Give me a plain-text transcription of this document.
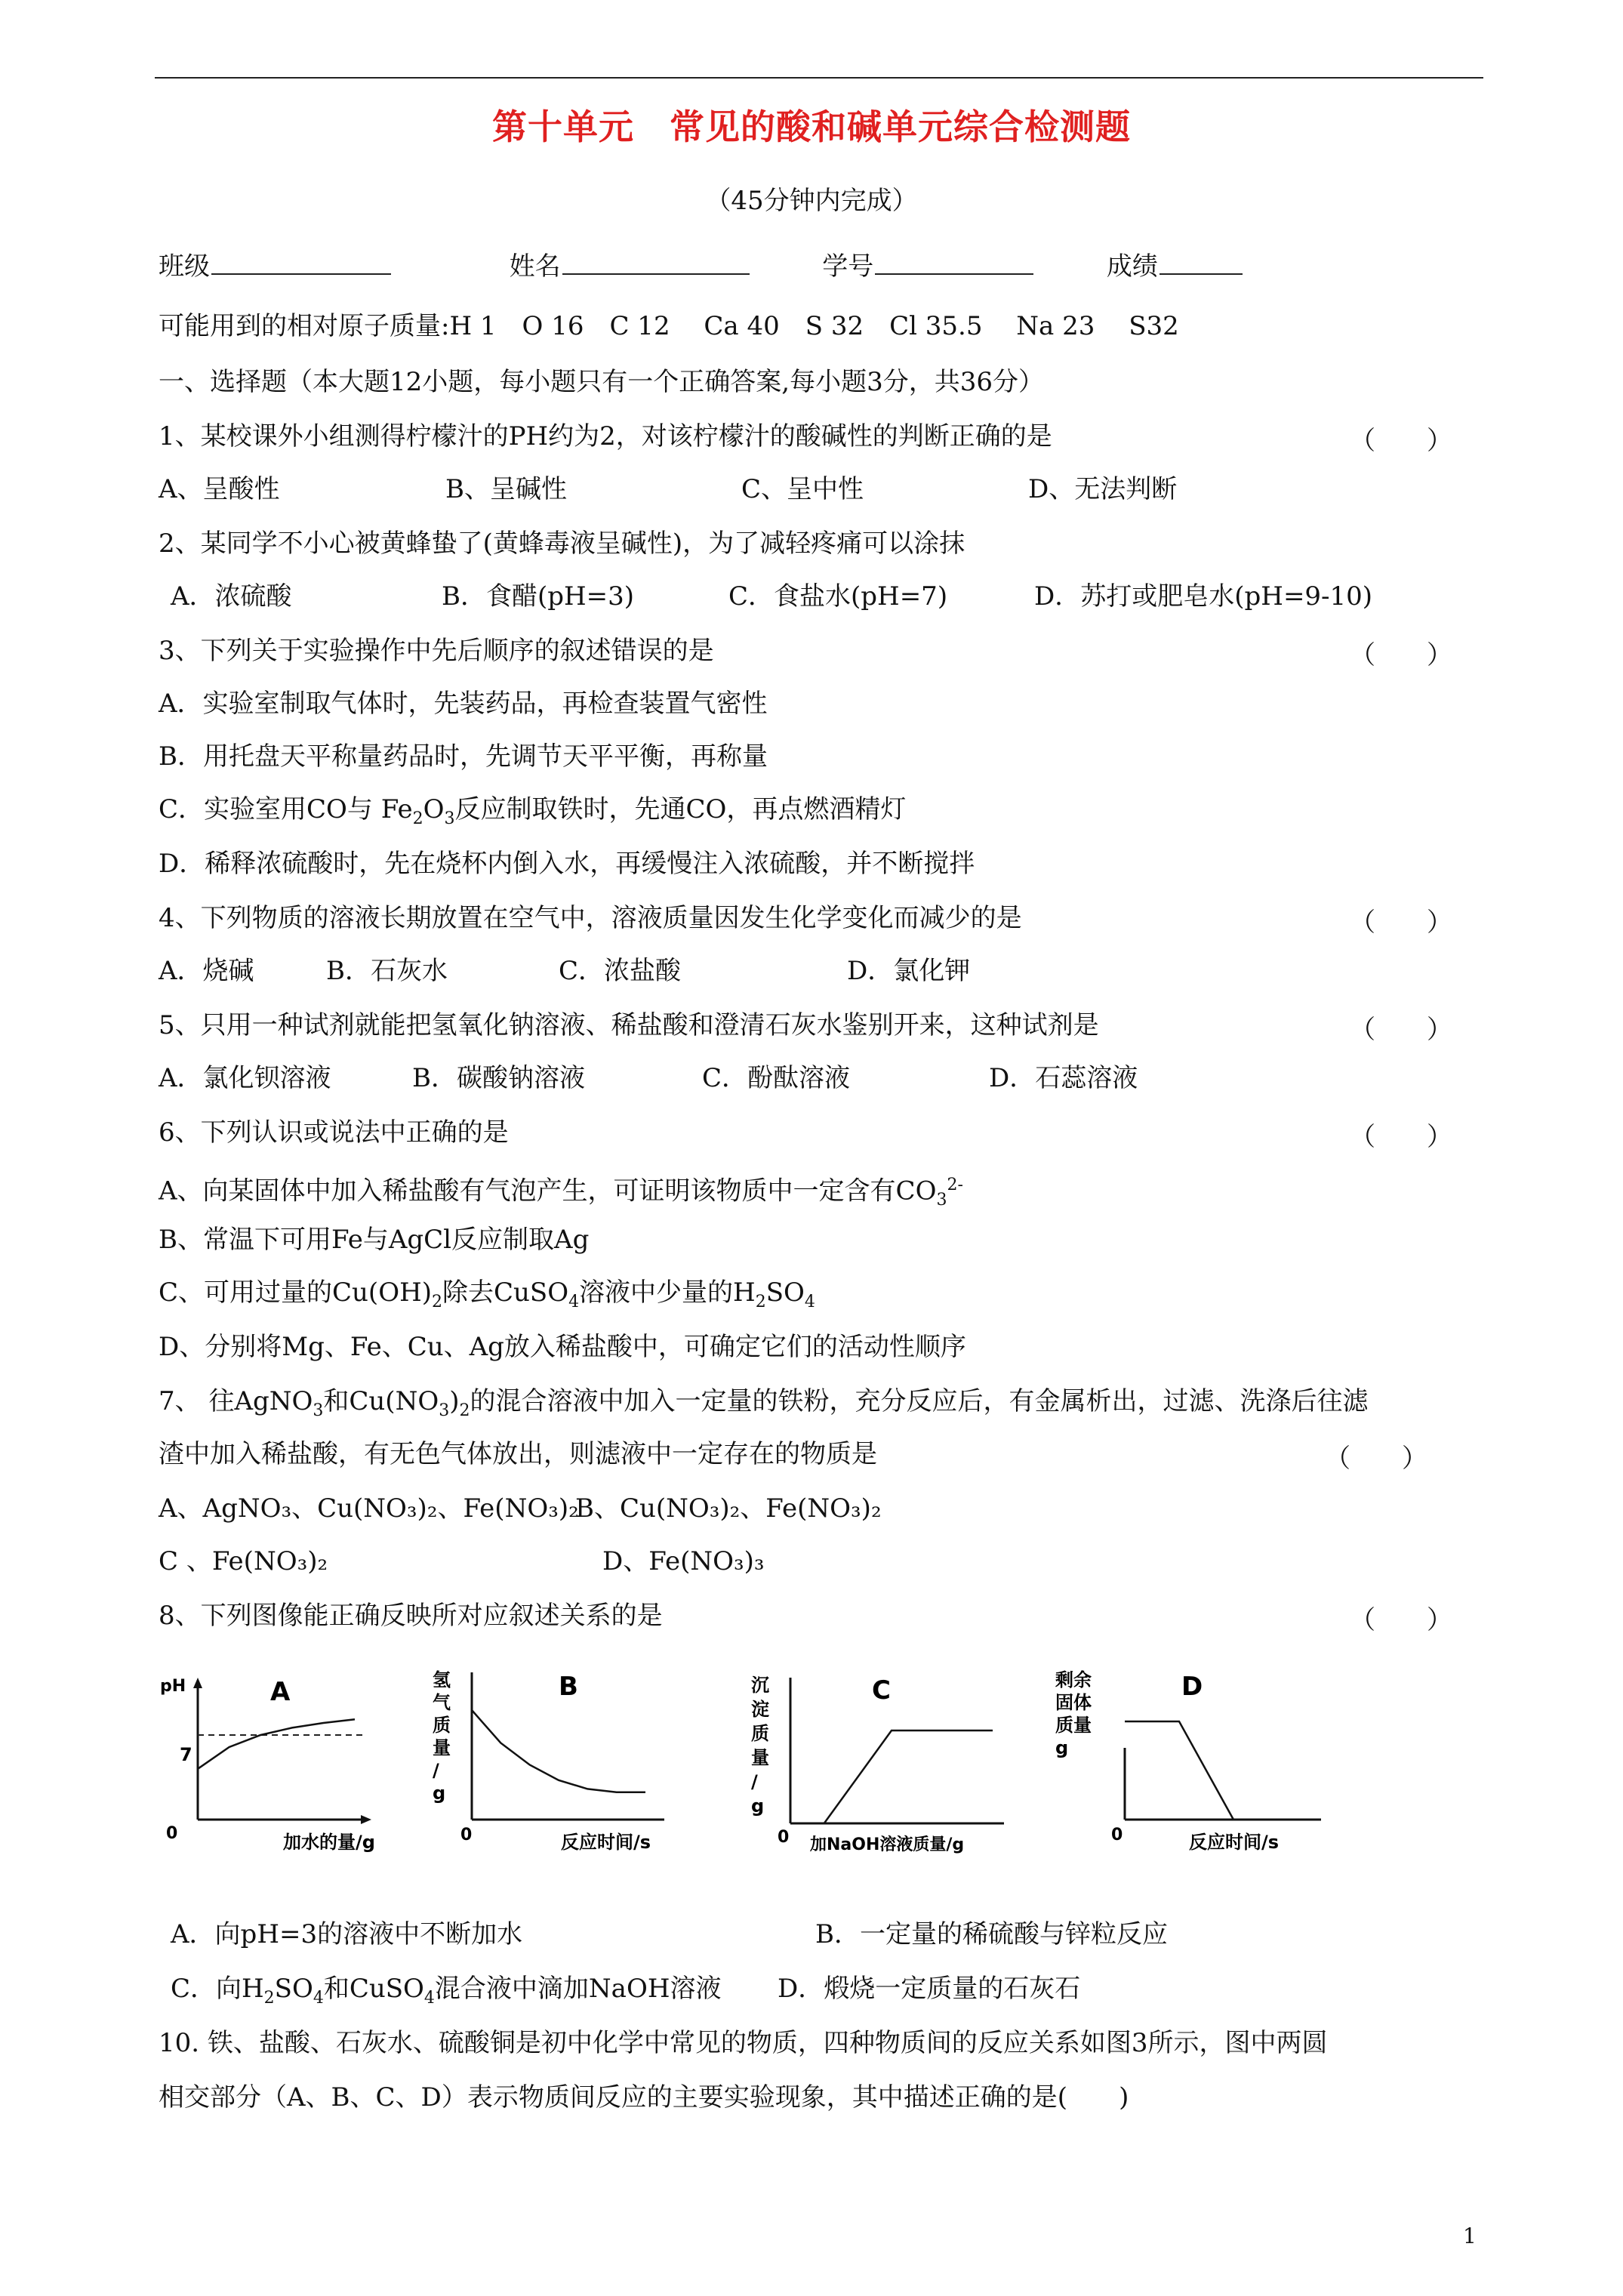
第十单元　常见的酸和碱单元综合检测题
（45分钟内完成）
班级	姓名	学号	成绩
可能用到的相对原子质量:H 1　O 16　C 12　 Ca 40　S 32　Cl 35.5　 Na 23　 S32
一、选择题（本大题12小题，每小题只有一个正确答案,每小题3分，共36分）
1、某校课外小组测得柠檬汁的PH约为2，对该柠檬汁的酸碱性的判断正确的是	（　　）
A、呈酸性	B、呈碱性	C、呈中性	D、无法判断
2、某同学不小心被黄蜂蛰了(黄蜂毒液呈碱性)，为了减轻疼痛可以涂抹
A．浓硫酸	B．食醋(pH=3)	C．食盐水(pH=7)	D．苏打或肥皂水(pH=9-10)
3、下列关于实验操作中先后顺序的叙述错误的是	（　　）
A．实验室制取气体时，先装药品，再检查装置气密性
B．用托盘天平称量药品时，先调节天平平衡，再称量
C．实验室用CO与 $Fe_2O_3$反应制取铁时，先通CO，再点燃酒精灯
D．稀释浓硫酸时，先在烧杯内倒入水，再缓慢注入浓硫酸，并不断搅拌
4、下列物质的溶液长期放置在空气中，溶液质量因发生化学变化而减少的是	（　　）
A．烧碱	B．石灰水	C．浓盐酸	D．氯化钾
5、只用一种试剂就能把氢氧化钠溶液、稀盐酸和澄清石灰水鉴别开来，这种试剂是	（　　）
A．氯化钡溶液	B．碳酸钠溶液	C．酚酞溶液	D．石蕊溶液
6、下列认识或说法中正确的是	（　　）
A、向某固体中加入稀盐酸有气泡产生，可证明该物质中一定含有$CO_3^{2-}$
B、常温下可用Fe与AgCl反应制取Ag
C、可用过量的$Cu(OH)_2$除去CuSO$_4$溶液中少量的$H_2SO_4$
D、分别将Mg、Fe、Cu、Ag放入稀盐酸中，可确定它们的活动性顺序
7、 往AgNO$_3$和$Cu(NO_3)_2$的混合溶液中加入一定量的铁粉，充分反应后，有金属析出，过滤、洗涤后往滤
渣中加入稀盐酸，有无色气体放出，则滤液中一定存在的物质是	（　　）
A、AgNO₃、Cu(NO₃)₂、Fe(NO₃)₂
B、Cu(NO₃)₂、Fe(NO₃)₂
C 、Fe(NO₃)₂	D、Fe(NO₃)₃
8、下列图像能正确反映所对应叙述关系的是	（　　）
pH	A
0
7
加水的量/g
氢气质量/ g
B
0	反应时间/s
沉淀质量/ g
C
0 加NaOH溶液质量/g
剩余固体质量 g
D
0	反应时间/s
A．向pH=3的溶液中不断加水	B．一定量的稀硫酸与锌粒反应
C．向$H_2SO_4$和CuSO$_4$混合液中滴加NaOH溶液 D．煅烧一定质量的石灰石
10. 铁、盐酸、石灰水、硫酸铜是初中化学中常见的物质，四种物质间的反应关系如图3所示，图中两圆
相交部分（A、B、C、D）表示物质间反应的主要实验现象，其中描述正确的是(　　)
1
